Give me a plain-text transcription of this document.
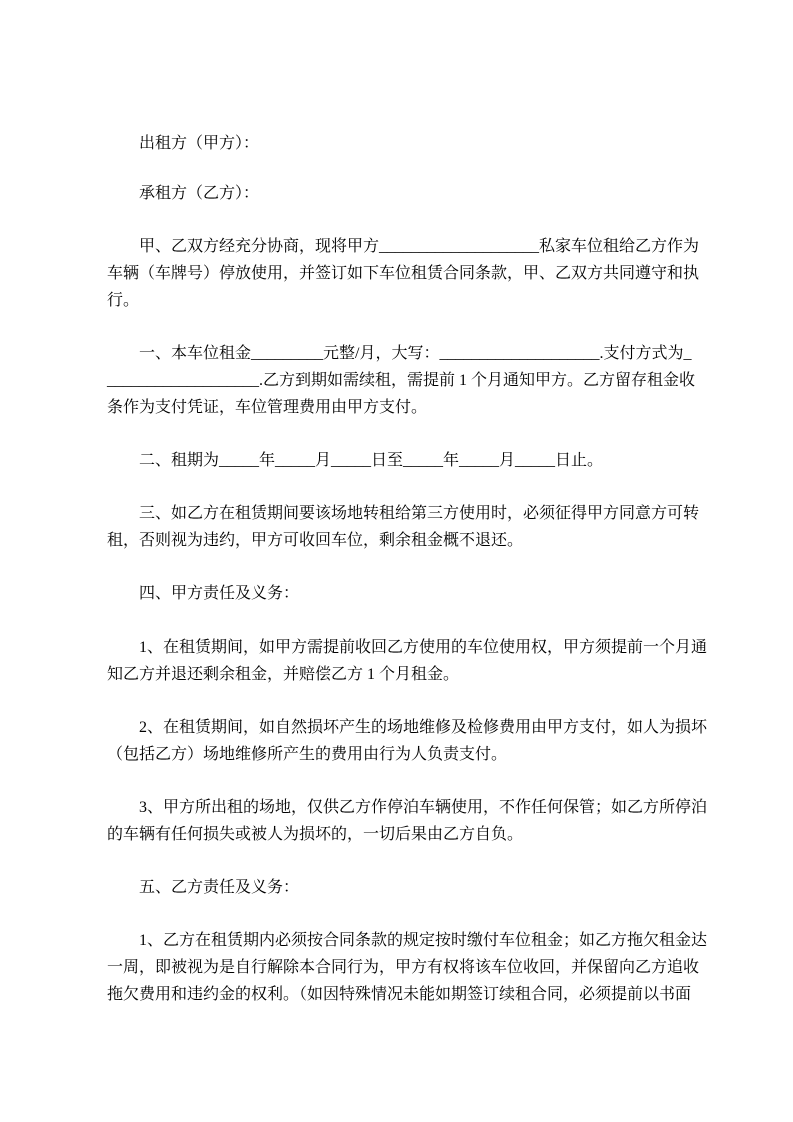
出租方（甲方）：
承租方（乙方）：
甲、乙双方经充分协商，现将甲方____________________私家车位租给乙方作为
车辆（车牌号）停放使用，并签订如下车位租赁合同条款，甲、乙双方共同遵守和执
行。
一、本车位租金_________元整/月，大写：____________________.支付方式为_
___________________.乙方到期如需续租，需提前 1 个月通知甲方。乙方留存租金收
条作为支付凭证，车位管理费用由甲方支付。
二、租期为_____年_____月_____日至_____年_____月_____日止。
三、如乙方在租赁期间要该场地转租给第三方使用时，必须征得甲方同意方可转
租，否则视为违约，甲方可收回车位，剩余租金概不退还。
四、甲方责任及义务：
1、在租赁期间，如甲方需提前收回乙方使用的车位使用权，甲方须提前一个月通
知乙方并退还剩余租金，并赔偿乙方 1 个月租金。
2、在租赁期间，如自然损坏产生的场地维修及检修费用由甲方支付，如人为损坏
（包括乙方）场地维修所产生的费用由行为人负责支付。
3、甲方所出租的场地，仅供乙方作停泊车辆使用，不作任何保管；如乙方所停泊
的车辆有任何损失或被人为损坏的，一切后果由乙方自负。
五、乙方责任及义务：
1、乙方在租赁期内必须按合同条款的规定按时缴付车位租金；如乙方拖欠租金达
一周，即被视为是自行解除本合同行为，甲方有权将该车位收回，并保留向乙方追收
拖欠费用和违约金的权利。（如因特殊情况未能如期签订续租合同，必须提前以书面
